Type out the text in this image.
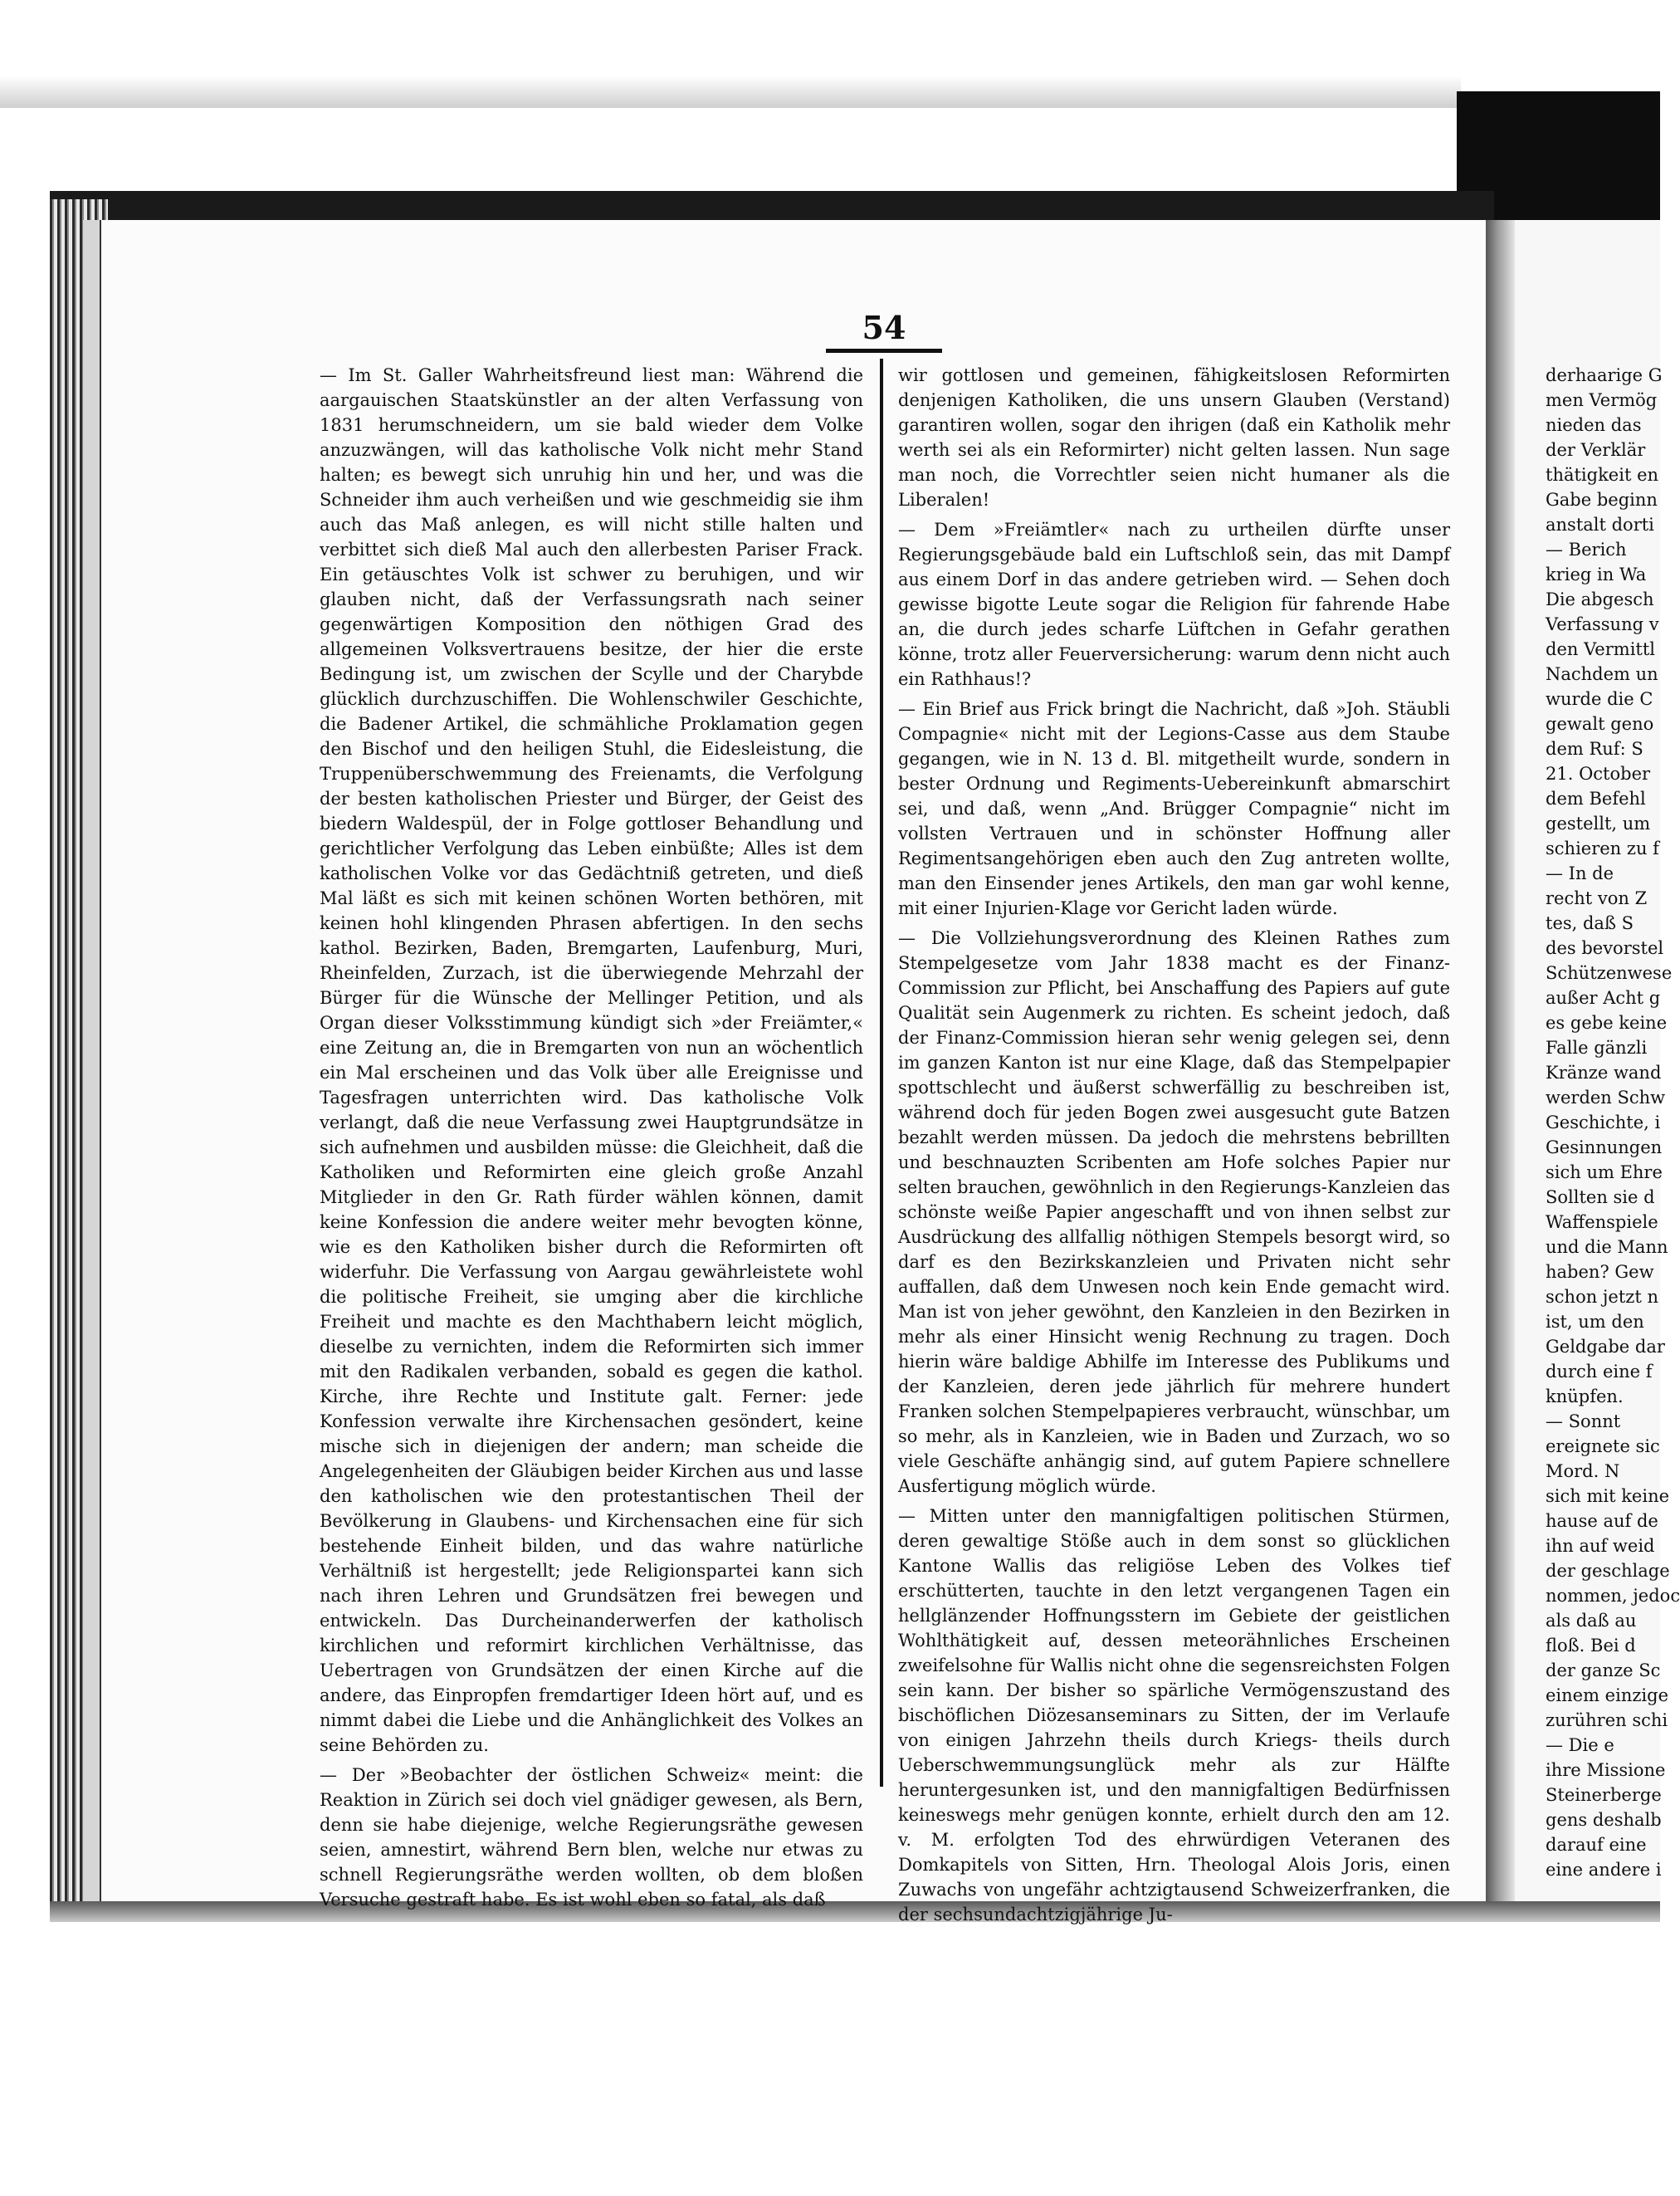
54

— Im St. Galler Wahrheitsfreund liest man: Während die aargauischen Staatskünstler an der alten Verfassung von 1831 herumschneidern, um sie bald wieder dem Volke anzuzwängen, will das katholische Volk nicht mehr Stand halten; es bewegt sich unruhig hin und her, und was die Schneider ihm auch verheißen und wie geschmeidig sie ihm auch das Maß anlegen, es will nicht stille halten und verbittet sich dieß Mal auch den allerbesten Pariser Frack. Ein getäuschtes Volk ist schwer zu beruhigen, und wir glauben nicht, daß der Verfassungsrath nach seiner gegenwärtigen Komposition den nöthigen Grad des allgemeinen Volksvertrauens besitze, der hier die erste Bedingung ist, um zwischen der Scylle und der Charybde glücklich durchzuschiffen. Die Wohlenschwiler Geschichte, die Badener Artikel, die schmähliche Proklamation gegen den Bischof und den heiligen Stuhl, die Eidesleistung, die Truppenüberschwemmung des Freienamts, die Verfolgung der besten katholischen Priester und Bürger, der Geist des biedern Waldespül, der in Folge gottloser Behandlung und gerichtlicher Verfolgung das Leben einbüßte; Alles ist dem katholischen Volke vor das Gedächtniß getreten, und dieß Mal läßt es sich mit keinen schönen Worten bethören, mit keinen hohl klingenden Phrasen abfertigen. In den sechs kathol. Bezirken, Baden, Bremgarten, Laufenburg, Muri, Rheinfelden, Zurzach, ist die überwiegende Mehrzahl der Bürger für die Wünsche der Mellinger Petition, und als Organ dieser Volksstimmung kündigt sich »der Freiämter,« eine Zeitung an, die in Bremgarten von nun an wöchentlich ein Mal erscheinen und das Volk über alle Ereignisse und Tagesfragen unterrichten wird. Das katholische Volk verlangt, daß die neue Verfassung zwei Hauptgrundsätze in sich aufnehmen und ausbilden müsse: die Gleichheit, daß die Katholiken und Reformirten eine gleich große Anzahl Mitglieder in den Gr. Rath fürder wählen können, damit keine Konfession die andere weiter mehr bevogten könne, wie es den Katholiken bisher durch die Reformirten oft widerfuhr. Die Verfassung von Aargau gewährleistete wohl die politische Freiheit, sie umging aber die kirchliche Freiheit und machte es den Machthabern leicht möglich, dieselbe zu vernichten, indem die Reformirten sich immer mit den Radikalen verbanden, sobald es gegen die kathol. Kirche, ihre Rechte und Institute galt. Ferner: jede Konfession verwalte ihre Kirchensachen gesöndert, keine mische sich in diejenigen der andern; man scheide die Angelegenheiten der Gläubigen beider Kirchen aus und lasse den katholischen wie den protestantischen Theil der Bevölkerung in Glaubens- und Kirchensachen eine für sich bestehende Einheit bilden, und das wahre natürliche Verhältniß ist hergestellt; jede Religionspartei kann sich nach ihren Lehren und Grundsätzen frei bewegen und entwickeln. Das Durcheinanderwerfen der katholisch kirchlichen und reformirt kirchlichen Verhältnisse, das Uebertragen von Grundsätzen der einen Kirche auf die andere, das Einpropfen fremdartiger Ideen hört auf, und es nimmt dabei die Liebe und die Anhänglichkeit des Volkes an seine Behörden zu.

— Der »Beobachter der östlichen Schweiz« meint: die Reaktion in Zürich sei doch viel gnädiger gewesen, als Bern, denn sie habe diejenige, welche Regierungsräthe gewesen seien, amnestirt, während Bern blen, welche nur etwas zu schnell Regierungsräthe werden wollten, ob dem bloßen Versuche gestraft habe. Es ist wohl eben so fatal, als daß

wir gottlosen und gemeinen, fähigkeitslosen Reformirten denjenigen Katholiken, die uns unsern Glauben (Verstand) garantiren wollen, sogar den ihrigen (daß ein Katholik mehr werth sei als ein Reformirter) nicht gelten lassen. Nun sage man noch, die Vorrechtler seien nicht humaner als die Liberalen!

— Dem »Freiämtler« nach zu urtheilen dürfte unser Regierungsgebäude bald ein Luftschloß sein, das mit Dampf aus einem Dorf in das andere getrieben wird. — Sehen doch gewisse bigotte Leute sogar die Religion für fahrende Habe an, die durch jedes scharfe Lüftchen in Gefahr gerathen könne, trotz aller Feuerversicherung: warum denn nicht auch ein Rathhaus!?

— Ein Brief aus Frick bringt die Nachricht, daß »Joh. Stäubli Compagnie« nicht mit der Legions-Casse aus dem Staube gegangen, wie in N. 13 d. Bl. mitgetheilt wurde, sondern in bester Ordnung und Regiments-Uebereinkunft abmarschirt sei, und daß, wenn „And. Brügger Compagnie“ nicht im vollsten Vertrauen und in schönster Hoffnung aller Regimentsangehörigen eben auch den Zug antreten wollte, man den Einsender jenes Artikels, den man gar wohl kenne, mit einer Injurien-Klage vor Gericht laden würde.

— Die Vollziehungsverordnung des Kleinen Rathes zum Stempelgesetze vom Jahr 1838 macht es der Finanz-Commission zur Pflicht, bei Anschaffung des Papiers auf gute Qualität sein Augenmerk zu richten. Es scheint jedoch, daß der Finanz-Commission hieran sehr wenig gelegen sei, denn im ganzen Kanton ist nur eine Klage, daß das Stempelpapier spottschlecht und äußerst schwerfällig zu beschreiben ist, während doch für jeden Bogen zwei ausgesucht gute Batzen bezahlt werden müssen. Da jedoch die mehrstens bebrillten und beschnauzten Scribenten am Hofe solches Papier nur selten brauchen, gewöhnlich in den Regierungs-Kanzleien das schönste weiße Papier angeschafft und von ihnen selbst zur Ausdrückung des allfallig nöthigen Stempels besorgt wird, so darf es den Bezirkskanzleien und Privaten nicht sehr auffallen, daß dem Unwesen noch kein Ende gemacht wird. Man ist von jeher gewöhnt, den Kanzleien in den Bezirken in mehr als einer Hinsicht wenig Rechnung zu tragen. Doch hierin wäre baldige Abhilfe im Interesse des Publikums und der Kanzleien, deren jede jährlich für mehrere hundert Franken solchen Stempelpapieres verbraucht, wünschbar, um so mehr, als in Kanzleien, wie in Baden und Zurzach, wo so viele Geschäfte anhängig sind, auf gutem Papiere schnellere Ausfertigung möglich würde.

— Mitten unter den mannigfaltigen politischen Stürmen, deren gewaltige Stöße auch in dem sonst so glücklichen Kantone Wallis das religiöse Leben des Volkes tief erschütterten, tauchte in den letzt vergangenen Tagen ein hellglänzender Hoffnungsstern im Gebiete der geistlichen Wohlthätigkeit auf, dessen meteorähnliches Erscheinen zweifelsohne für Wallis nicht ohne die segensreichsten Folgen sein kann. Der bisher so spärliche Vermögenszustand des bischöflichen Diözesanseminars zu Sitten, der im Verlaufe von einigen Jahrzehn theils durch Kriegs- theils durch Ueberschwemmungsunglück mehr als zur Hälfte heruntergesunken ist, und den mannigfaltigen Bedürfnissen keineswegs mehr genügen konnte, erhielt durch den am 12. v. M. erfolgten Tod des ehrwürdigen Veteranen des Domkapitels von Sitten, Hrn. Theologal Alois Joris, einen Zuwachs von ungefähr achtzigtausend Schweizerfranken, die der sechsundachtzigjährige Ju-

derhaarige G
men Vermög
nieden das
der Verklär
thätigkeit en
Gabe beginn
anstalt dorti
— Berich
krieg in Wa
Die abgesch
Verfassung v
den Vermittl
Nachdem un
wurde die C
gewalt geno
dem Ruf: S
21. October
dem Befehl
gestellt, um
schieren zu f
— In de
recht von Z
tes, daß S
des bevorstel
Schützenwese
außer Acht g
es gebe keine
Falle gänzli
Kränze wand
werden Schw
Geschichte, i
Gesinnungen
sich um Ehre
Sollten sie d
Waffenspiele
und die Mann
haben? Gew
schon jetzt n
ist, um den
Geldgabe dar
durch eine f
knüpfen.
— Sonnt
ereignete sic
Mord. N
sich mit keine
hause auf de
ihn auf weid
der geschlage
nommen, jedoc
als daß au
floß. Bei d
der ganze Sc
einem einzige
zurühren schi
— Die e
ihre Missione
Steinerberge
gens deshalb
darauf eine
eine andere i
